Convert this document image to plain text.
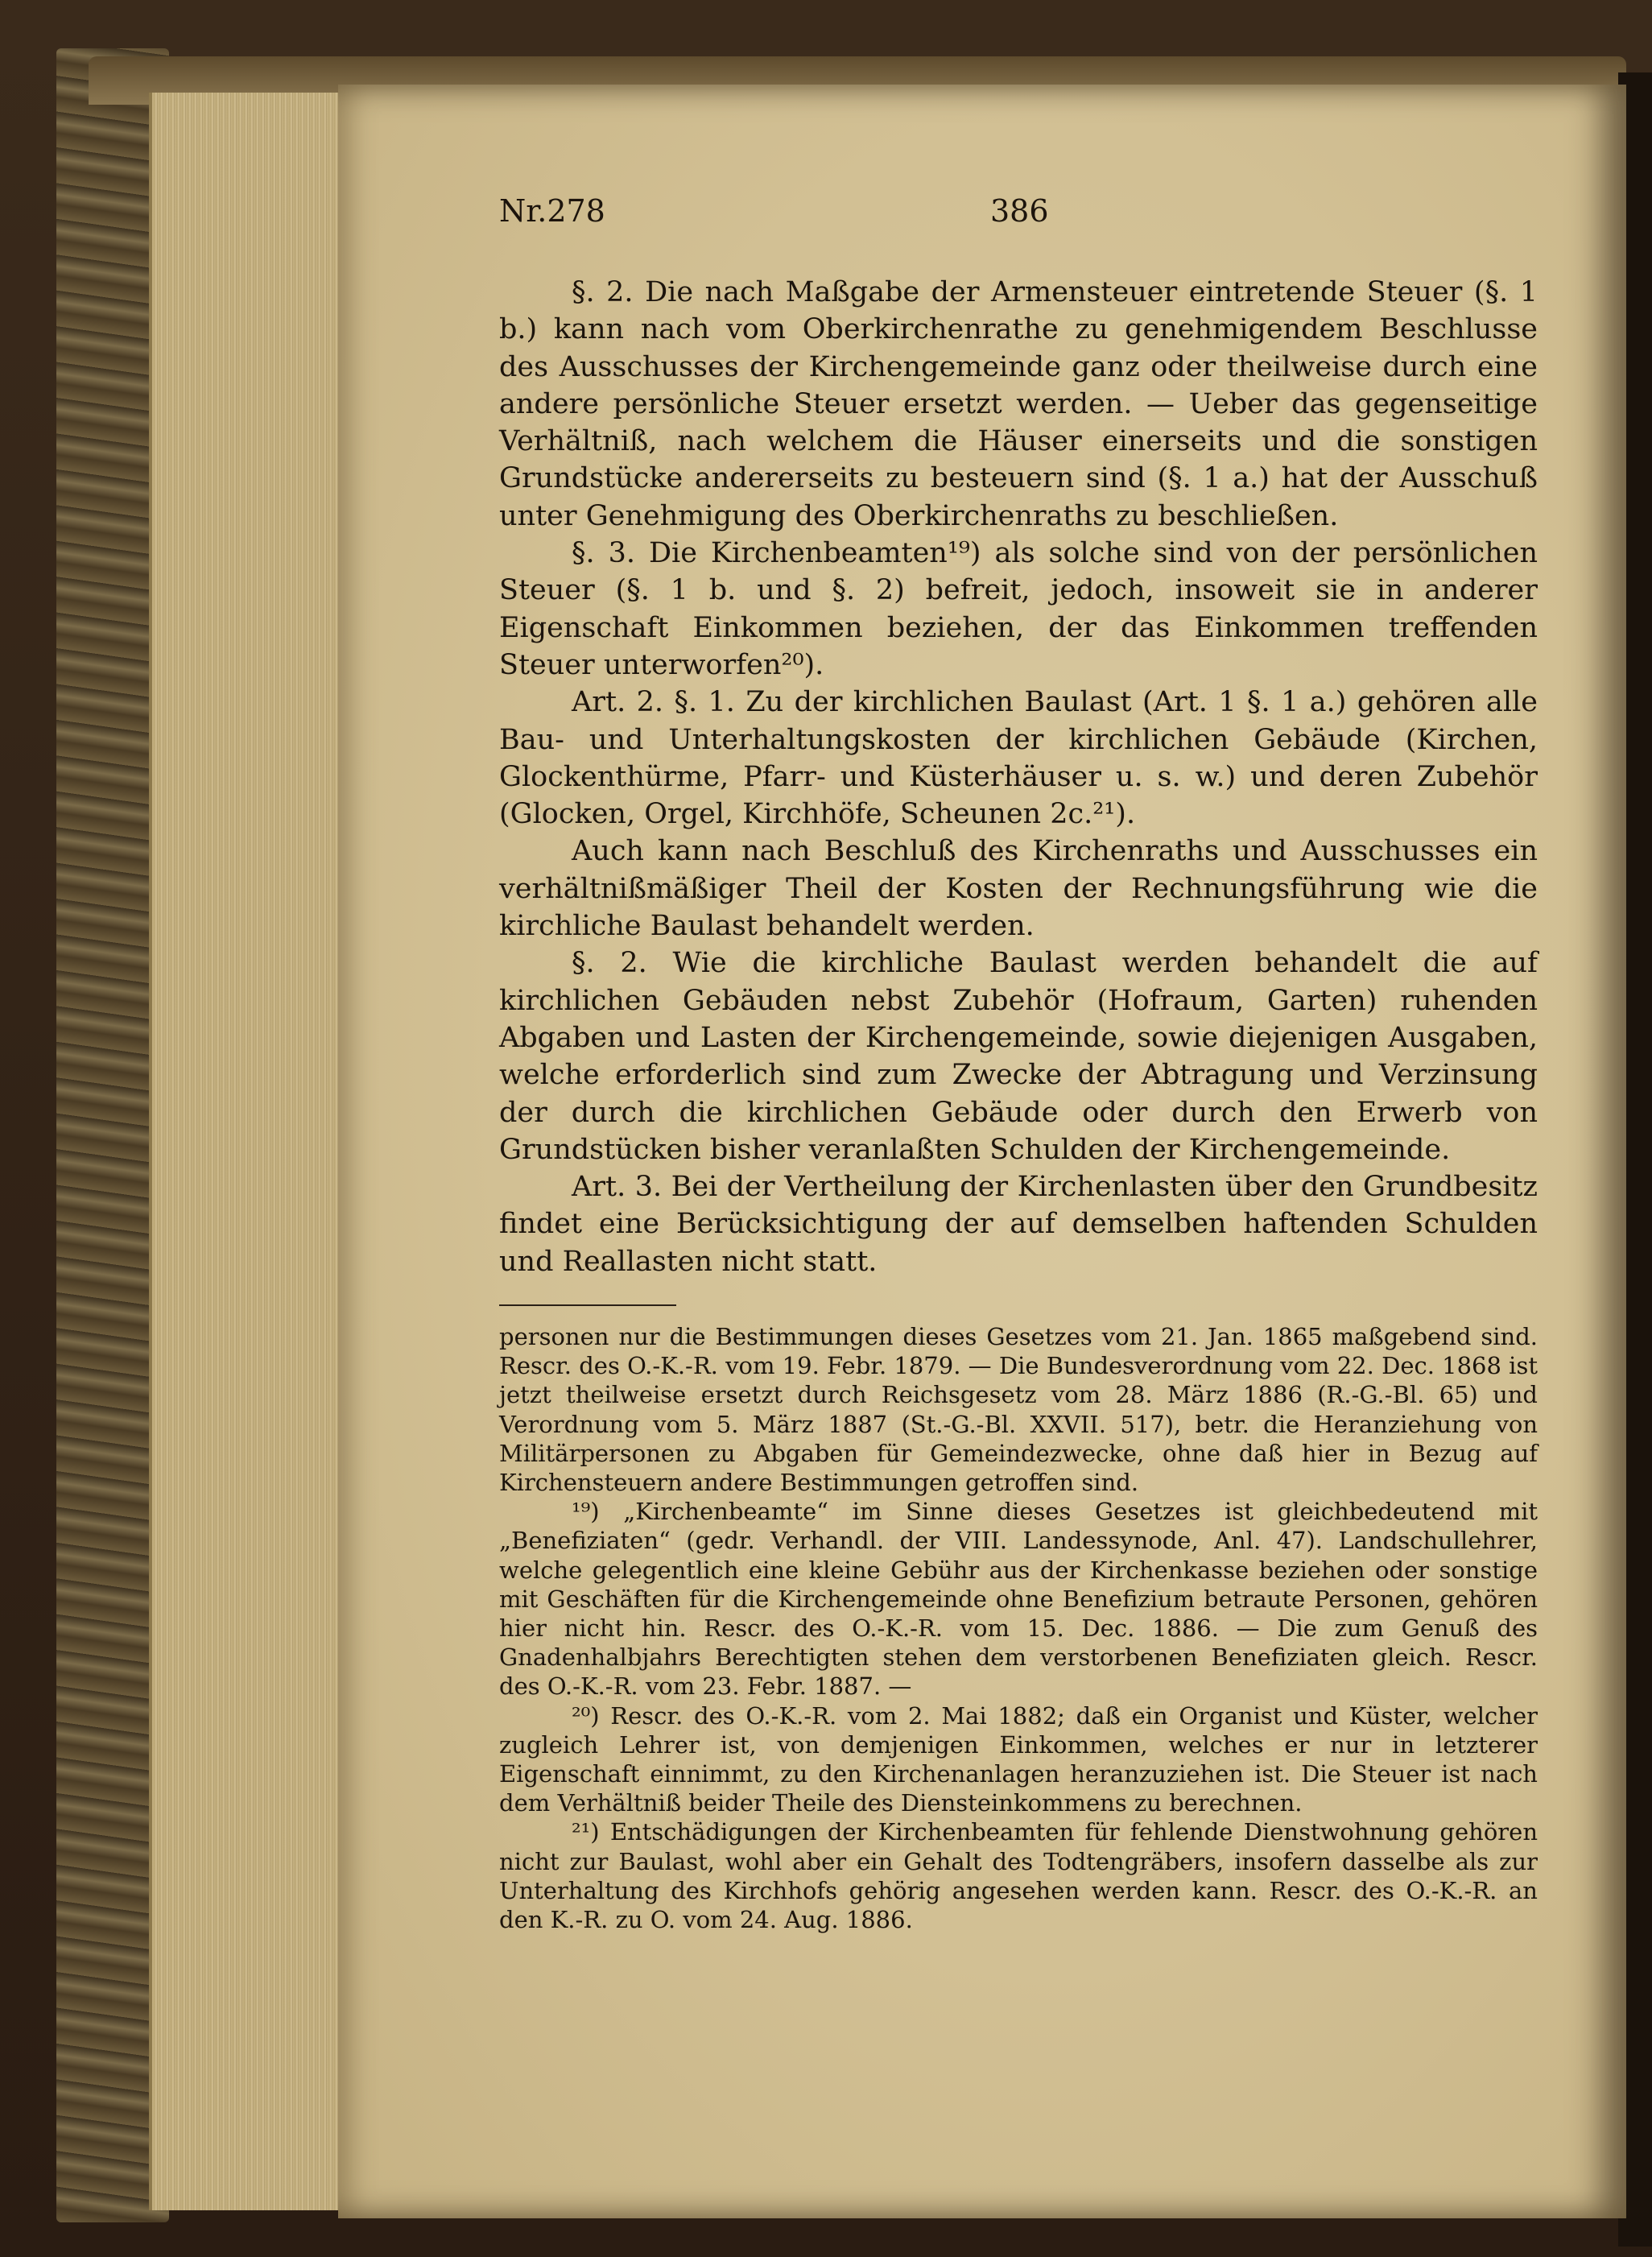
Nr.278	386

§. 2. Die nach Maßgabe der Armensteuer eintretende Steuer (§. 1 b.) kann nach vom Oberkirchenrathe zu genehmigendem Beschlusse des Ausschusses der Kirchengemeinde ganz oder theilweise durch eine andere persönliche Steuer ersetzt werden. — Ueber das gegenseitige Verhältniß, nach welchem die Häuser einerseits und die sonstigen Grundstücke andererseits zu besteuern sind (§. 1 a.) hat der Ausschuß unter Genehmigung des Oberkirchenraths zu beschließen.

§. 3. Die Kirchenbeamten¹⁹) als solche sind von der persönlichen Steuer (§. 1 b. und §. 2) befreit, jedoch, insoweit sie in anderer Eigenschaft Einkommen beziehen, der das Einkommen treffenden Steuer unterworfen²⁰).

Art. 2. §. 1. Zu der kirchlichen Baulast (Art. 1 §. 1 a.) gehören alle Bau- und Unterhaltungskosten der kirchlichen Gebäude (Kirchen, Glockenthürme, Pfarr- und Küsterhäuser u. s. w.) und deren Zubehör (Glocken, Orgel, Kirchhöfe, Scheunen 2c.²¹).

Auch kann nach Beschluß des Kirchenraths und Ausschusses ein verhältnißmäßiger Theil der Kosten der Rechnungsführung wie die kirchliche Baulast behandelt werden.

§. 2. Wie die kirchliche Baulast werden behandelt die auf kirchlichen Gebäuden nebst Zubehör (Hofraum, Garten) ruhenden Abgaben und Lasten der Kirchengemeinde, sowie diejenigen Ausgaben, welche erforderlich sind zum Zwecke der Abtragung und Verzinsung der durch die kirchlichen Gebäude oder durch den Erwerb von Grundstücken bisher veranlaßten Schulden der Kirchengemeinde.

Art. 3. Bei der Vertheilung der Kirchenlasten über den Grundbesitz findet eine Berücksichtigung der auf demselben haftenden Schulden und Reallasten nicht statt.

personen nur die Bestimmungen dieses Gesetzes vom 21. Jan. 1865 maßgebend sind. Rescr. des O.-K.-R. vom 19. Febr. 1879. — Die Bundesverordnung vom 22. Dec. 1868 ist jetzt theilweise ersetzt durch Reichsgesetz vom 28. März 1886 (R.-G.-Bl. 65) und Verordnung vom 5. März 1887 (St.-G.-Bl. XXVII. 517), betr. die Heranziehung von Militärpersonen zu Abgaben für Gemeindezwecke, ohne daß hier in Bezug auf Kirchensteuern andere Bestimmungen getroffen sind.

¹⁹) „Kirchenbeamte“ im Sinne dieses Gesetzes ist gleichbedeutend mit „Benefiziaten“ (gedr. Verhandl. der VIII. Landessynode, Anl. 47). Landschullehrer, welche gelegentlich eine kleine Gebühr aus der Kirchenkasse beziehen oder sonstige mit Geschäften für die Kirchengemeinde ohne Benefizium betraute Personen, gehören hier nicht hin. Rescr. des O.-K.-R. vom 15. Dec. 1886. — Die zum Genuß des Gnadenhalbjahrs Berechtigten stehen dem verstorbenen Benefiziaten gleich. Rescr. des O.-K.-R. vom 23. Febr. 1887. —

²⁰) Rescr. des O.-K.-R. vom 2. Mai 1882; daß ein Organist und Küster, welcher zugleich Lehrer ist, von demjenigen Einkommen, welches er nur in letzterer Eigenschaft einnimmt, zu den Kirchenanlagen heranzuziehen ist. Die Steuer ist nach dem Verhältniß beider Theile des Diensteinkommens zu berechnen.

²¹) Entschädigungen der Kirchenbeamten für fehlende Dienstwohnung gehören nicht zur Baulast, wohl aber ein Gehalt des Todtengräbers, insofern dasselbe als zur Unterhaltung des Kirchhofs gehörig angesehen werden kann. Rescr. des O.-K.-R. an den K.-R. zu O. vom 24. Aug. 1886.
